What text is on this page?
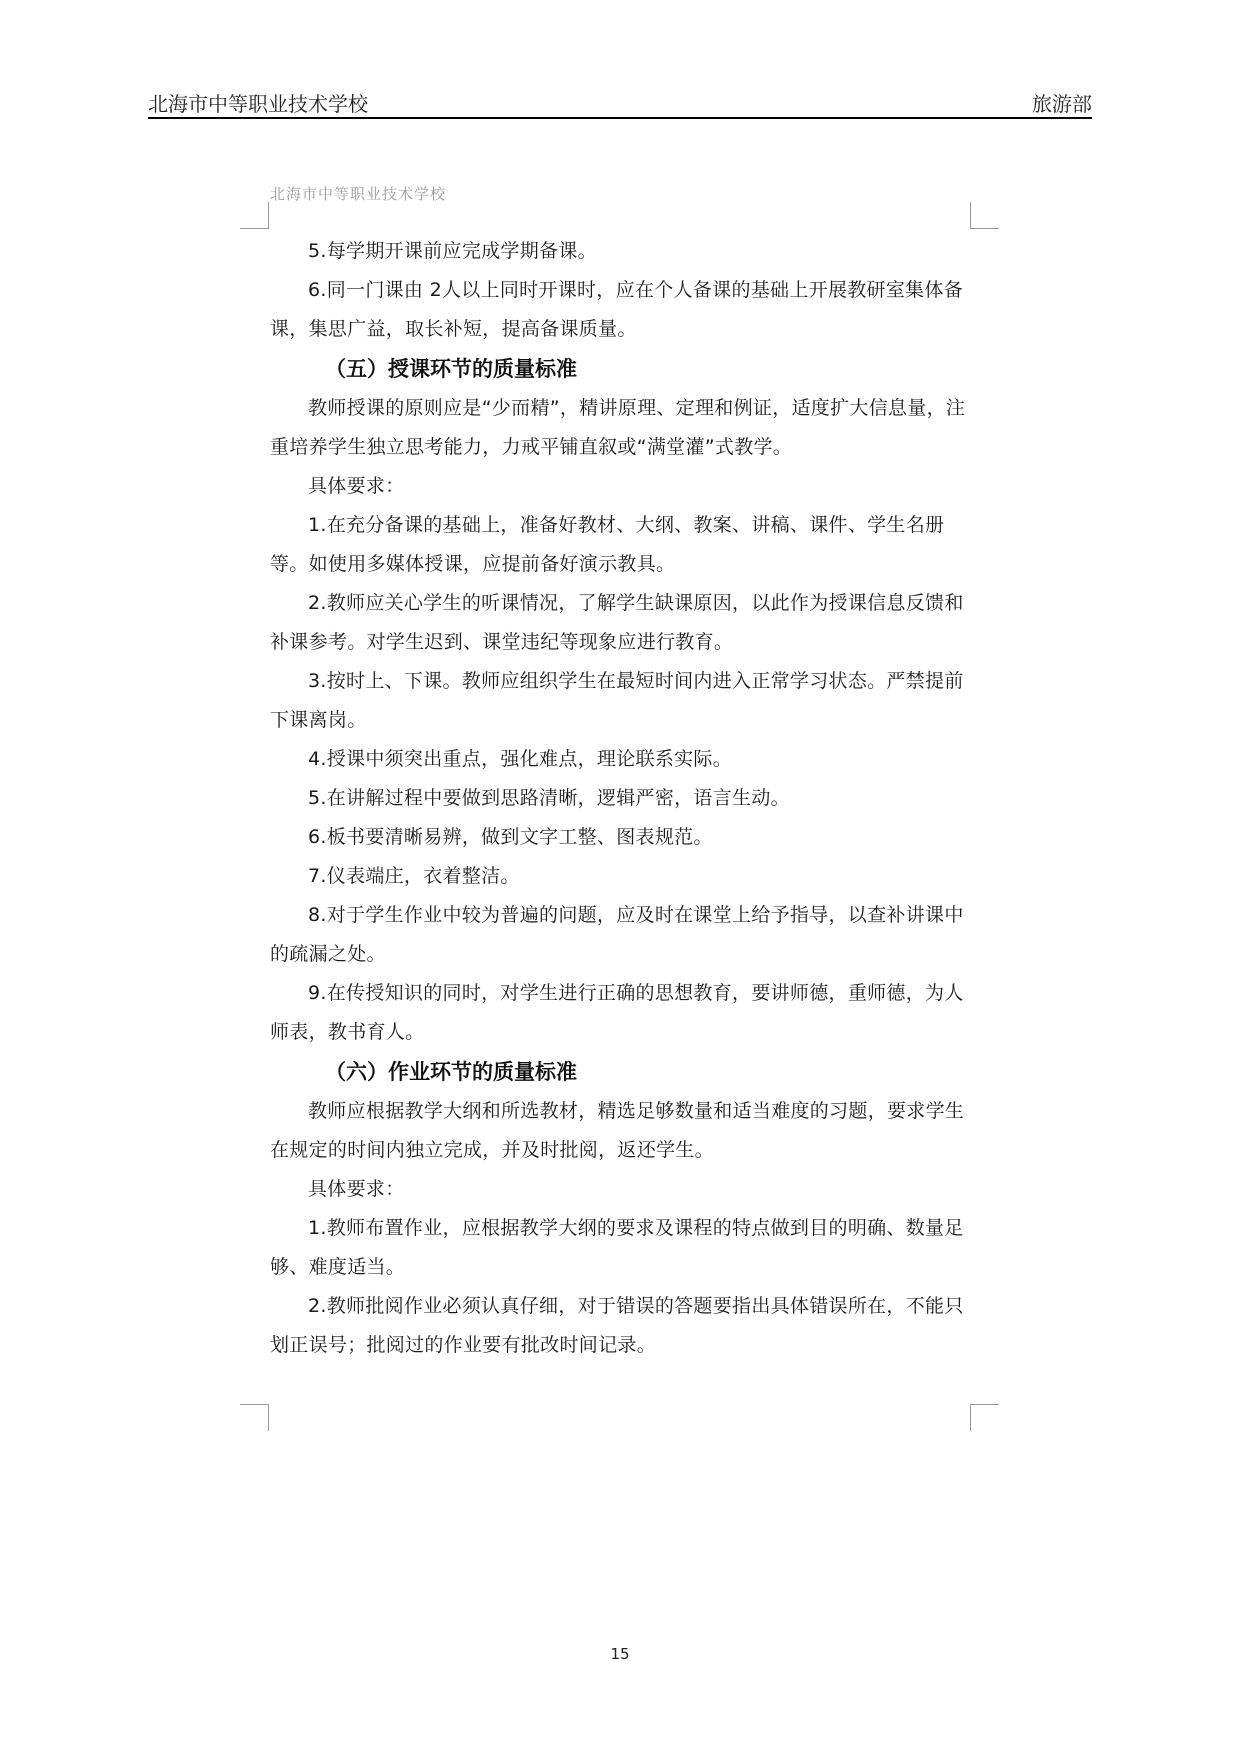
北海市中等职业技术学校	旅游部
北海市中等职业技术学校

5.每学期开课前应完成学期备课。

6.同一门课由 2人以上同时开课时，应在个人备课的基础上开展教研室集体备课，集思广益，取长补短，提高备课质量。

（五）授课环节的质量标准

教师授课的原则应是“少而精”，精讲原理、定理和例证，适度扩大信息量，注重培养学生独立思考能力，力戒平铺直叙或“满堂灌”式教学。

具体要求：

1.在充分备课的基础上，准备好教材、大纲、教案、讲稿、课件、学生名册等。如使用多媒体授课，应提前备好演示教具。

2.教师应关心学生的听课情况，了解学生缺课原因，以此作为授课信息反馈和补课参考。对学生迟到、课堂违纪等现象应进行教育。

3.按时上、下课。教师应组织学生在最短时间内进入正常学习状态。严禁提前下课离岗。

4.授课中须突出重点，强化难点，理论联系实际。

5.在讲解过程中要做到思路清晰，逻辑严密，语言生动。

6.板书要清晰易辨，做到文字工整、图表规范。

7.仪表端庄，衣着整洁。

8.对于学生作业中较为普遍的问题，应及时在课堂上给予指导，以查补讲课中的疏漏之处。

9.在传授知识的同时，对学生进行正确的思想教育，要讲师德，重师德，为人师表，教书育人。

（六）作业环节的质量标准

教师应根据教学大纲和所选教材，精选足够数量和适当难度的习题，要求学生在规定的时间内独立完成，并及时批阅，返还学生。

具体要求：

1.教师布置作业，应根据教学大纲的要求及课程的特点做到目的明确、数量足够、难度适当。

2.教师批阅作业必须认真仔细，对于错误的答题要指出具体错误所在，不能只划正误号；批阅过的作业要有批改时间记录。

15
